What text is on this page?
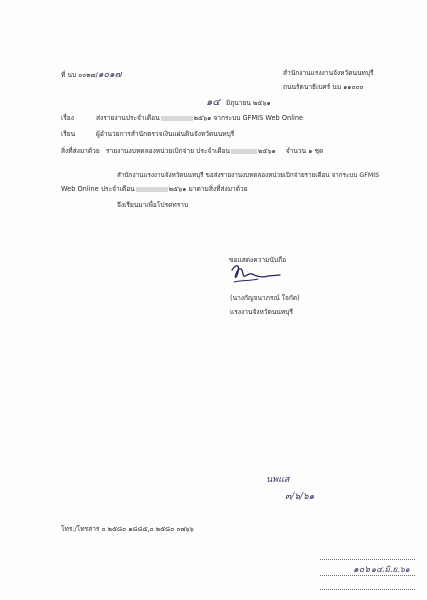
ที่ นบ ๐๐๒๗/๑๐๑๗	สำนักงานแรงงานจังหวัดนนทบุรี
ถนนรัตนาธิเบศร์ นบ ๑๑๐๐๐
๑๔ มิถุนายน ๒๕๖๑
เรื่อง	ส่งรายงานประจำเดือน	๒๕๖๑ จากระบบ GFMIS Web Online
เรียน	ผู้อำนวยการสำนักตรวจเงินแผ่นดินจังหวัดนนทบุรี
สิ่งที่ส่งมาด้วย รายงานงบทดลองหน่วยเบิกจ่าย ประจำเดือน	๒๕๖๑ จำนวน ๑ ชุด
สำนักงานแรงงานจังหวัดนนทบุรี ขอส่งรายงานงบทดลองหน่วยเบิกจ่ายรายเดือน จากระบบ GFMIS
Web Online ประจำเดือน	๒๕๖๑ มาตามสิ่งที่ส่งมาด้วย
จึงเรียนมาเพื่อโปรดทราบ
ขอแสดงความนับถือ
(นางกัญจนาภรณ์ ใจกัด)
แรงงานจังหวัดนนทบุรี
นพแส
๓/๖/๖๑
โทร./โทรสาร ๐ ๒๕๘๐ ๑๘๘๕,๐ ๒๕๘๐ ๐๗๖๖
๑๐๖ ๑๔.มิ.ย.๖๑
